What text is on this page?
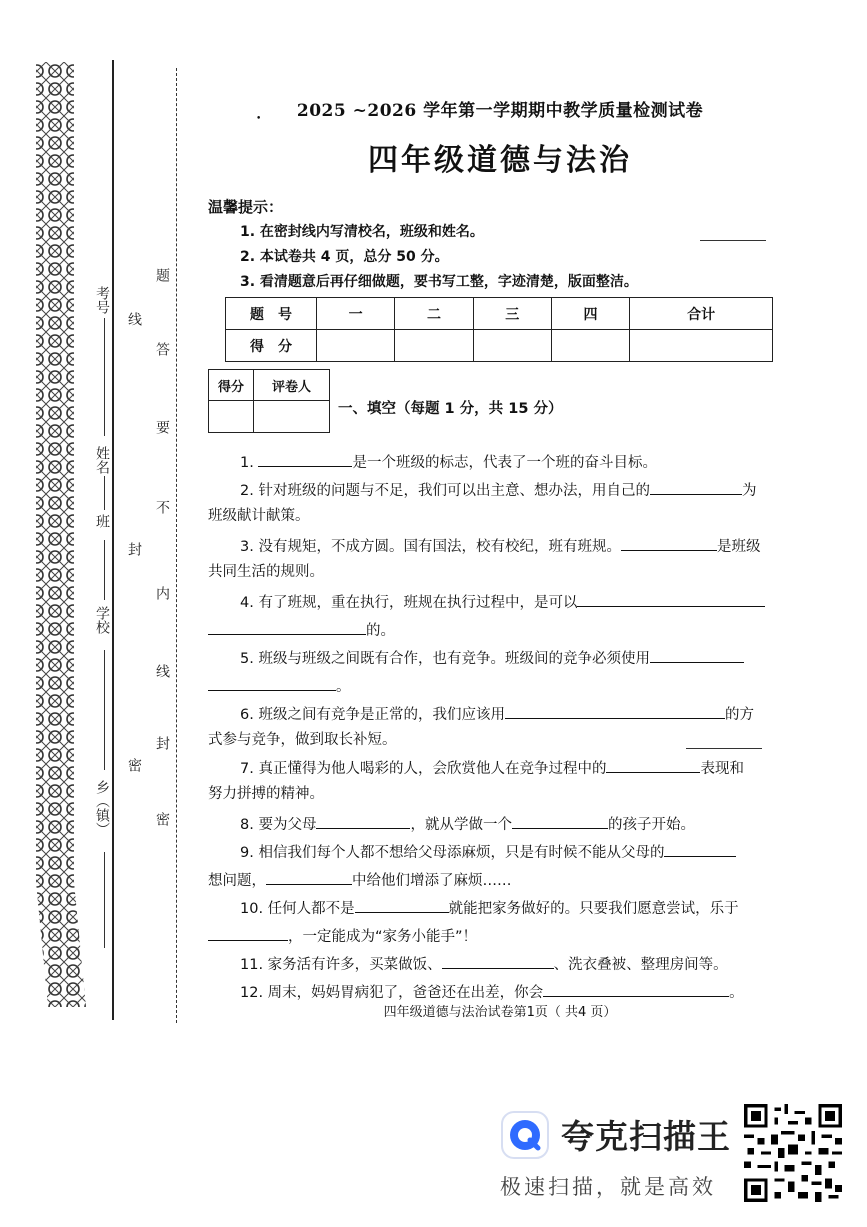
密
封
线
密
封
线
内
不
要
答
题
乡（镇）
学校
班
姓名
考号
•	2025 ~2026 学年第一学期期中教学质量检测试卷
四年级道德与法治
温馨提示：
1. 在密封线内写清校名，班级和姓名。
2. 本试卷共 4 页，总分 50 分。
3. 看清题意后再仔细做题，要书写工整，字迹清楚，版面整洁。
题　号	一	二	三	四	合计
得　分					
得分	评卷人

一、填空（每题 1 分，共 15 分）
1.	是一个班级的标志，代表了一个班的奋斗目标。
2. 针对班级的问题与不足，我们可以出主意、想办法，用自己的	为
班级献计献策。
3. 没有规矩，不成方圆。国有国法，校有校纪，班有班规。	是班级
共同生活的规则。
4. 有了班规，重在执行，班规在执行过程中，是可以
的。
5. 班级与班级之间既有合作，也有竞争。班级间的竞争必须使用
。
6. 班级之间有竞争是正常的，我们应该用	的方
式参与竞争，做到取长补短。
7. 真正懂得为他人喝彩的人，会欣赏他人在竞争过程中的	表现和
努力拼搏的精神。
8. 要为父母	，就从学做一个	的孩子开始。
9. 相信我们每个人都不想给父母添麻烦，只是有时候不能从父母的
想问题，	中给他们增添了麻烦……
10. 任何人都不是	就能把家务做好的。只要我们愿意尝试，乐于
，一定能成为“家务小能手”！
11. 家务活有许多，买菜做饭、	、洗衣叠被、整理房间等。
12. 周末，妈妈胃病犯了，爸爸还在出差，你会	。
四年级道德与法治试卷第1页（ 共4 页）
夸克扫描王
极速扫描，就是高效
